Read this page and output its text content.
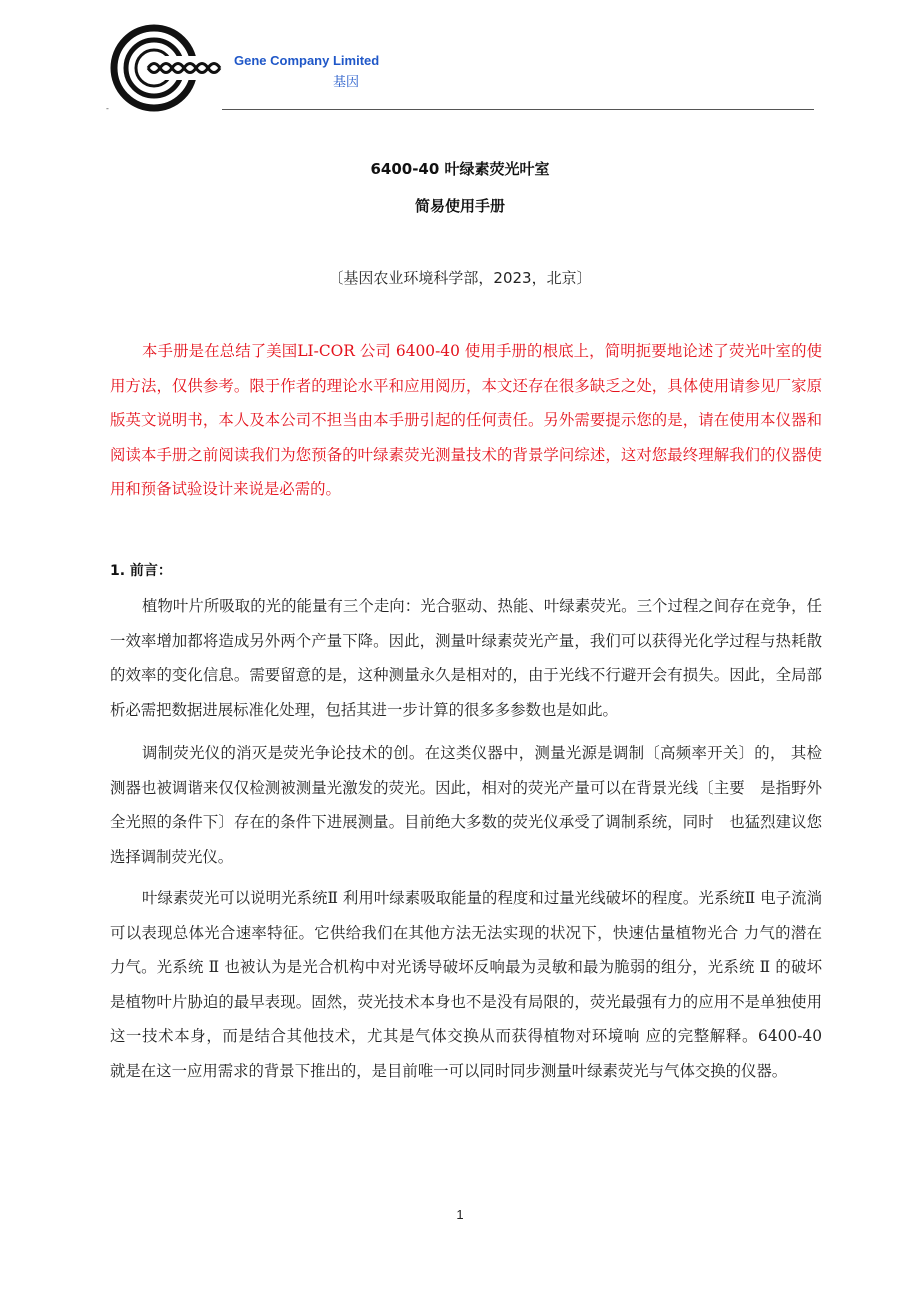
Gene Company Limited
基因
-
6400-40 叶绿素荧光叶室
简易使用手册
〔基因农业环境科学部，2023，北京〕
本手册是在总结了美国LI-COR 公司 6400-40 使用手册的根底上，简明扼要地论述了荧光叶室的使用方法，仅供参考。限于作者的理论水平和应用阅历，本文还存在很多缺乏之处，具体使用请参见厂家原版英文说明书，本人及本公司不担当由本手册引起的任何责任。另外需要提示您的是，请在使用本仪器和阅读本手册之前阅读我们为您预备的叶绿素荧光测量技术的背景学问综述，这对您最终理解我们的仪器使用和预备试验设计来说是必需的。
1. 前言：
植物叶片所吸取的光的能量有三个走向：光合驱动、热能、叶绿素荧光。三个过程之间存在竞争，任一效率增加都将造成另外两个产量下降。因此，测量叶绿素荧光产量，我们可以获得光化学过程与热耗散的效率的变化信息。需要留意的是，这种测量永久是相对的，由于光线不行避开会有损失。因此，全局部析必需把数据进展标准化处理，包括其进一步计算的很多多参数也是如此。
调制荧光仪的消灭是荧光争论技术的创。在这类仪器中，测量光源是调制〔高频率开关〕的， 其检测器也被调谐来仅仅检测被测量光激发的荧光。因此，相对的荧光产量可以在背景光线〔主要　是指野外全光照的条件下〕存在的条件下进展测量。目前绝大多数的荧光仪承受了调制系统，同时　也猛烈建议您选择调制荧光仪。
叶绿素荧光可以说明光系统Ⅱ 利用叶绿素吸取能量的程度和过量光线破坏的程度。光系统Ⅱ 电子流淌可以表现总体光合速率特征。它供给我们在其他方法无法实现的状况下，快速估量植物光合 力气的潜在力气。光系统 Ⅱ 也被认为是光合机构中对光诱导破坏反响最为灵敏和最为脆弱的组分，光系统 Ⅱ 的破坏是植物叶片胁迫的最早表现。固然，荧光技术本身也不是没有局限的，荧光最强有力的应用不是单独使用这一技术本身，而是结合其他技术，尤其是气体交换从而获得植物对环境响 应的完整解释。6400-40　 就是在这一应用需求的背景下推出的，是目前唯一可以同时同步测量叶绿素荧光与气体交换的仪器。
1
